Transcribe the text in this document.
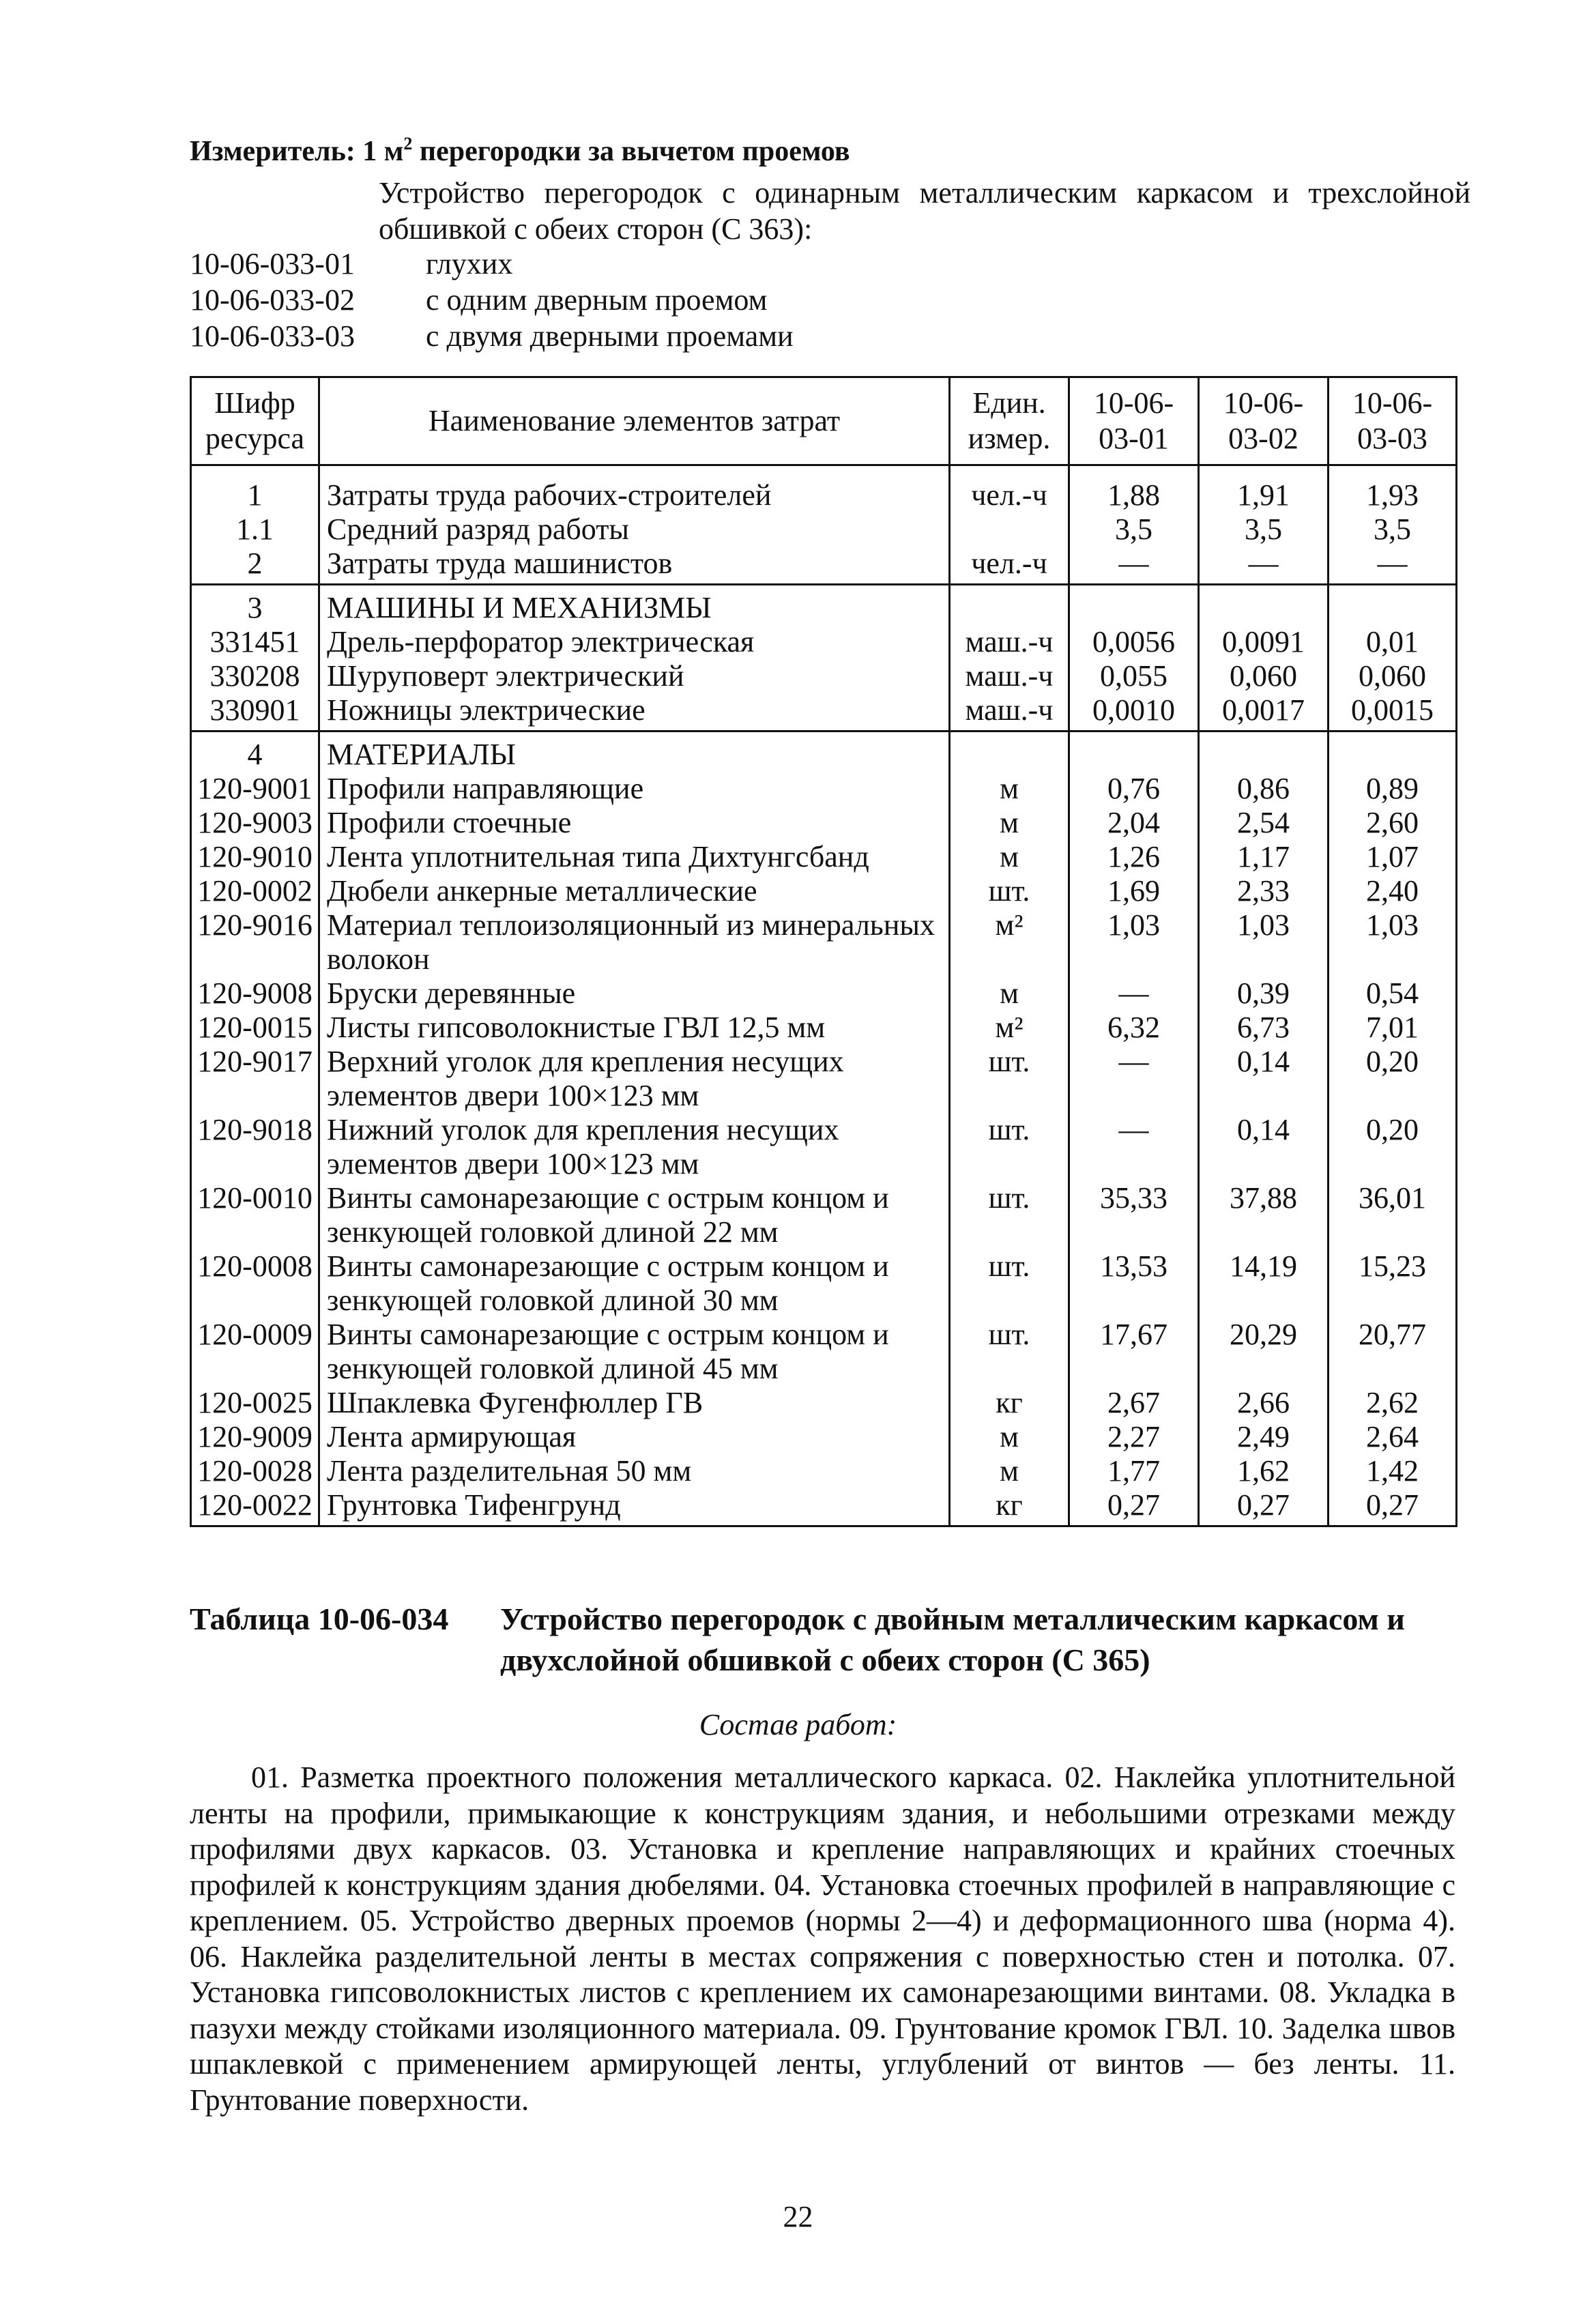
Измеритель: 1 $м^2$ перегородки за вычетом проемов
Устройство перегородок с одинарным металлическим каркасом и трехслойной обшивкой с обеих сторон (С 363):
10-06-033-01	глухих
10-06-033-02	с одним дверным проемом
10-06-033-03	с двумя дверными проемами
Шифр ресурса	Наименование элементов затрат	Един. измер.	10-06-03-01	10-06-03-02	10-06-03-03
1	Затраты труда рабочих-строителей	чел.-ч	1,88	1,91	1,93
1.1	Средний разряд работы		3,5	3,5	3,5
2	Затраты труда машинистов	чел.-ч	—	—	—
3	МАШИНЫ И МЕХАНИЗМЫ				
331451	Дрель-перфоратор электрическая	маш.-ч	0,0056	0,0091	0,01
330208	Шуруповерт электрический	маш.-ч	0,055	0,060	0,060
330901	Ножницы электрические	маш.-ч	0,0010	0,0017	0,0015
4	МАТЕРИАЛЫ				
120-9001	Профили направляющие	м	0,76	0,86	0,89
120-9003	Профили стоечные	м	2,04	2,54	2,60
120-9010	Лента уплотнительная типа Дихтунгсбанд	м	1,26	1,17	1,07
120-0002	Дюбели анкерные металлические	шт.	1,69	2,33	2,40
120-9016	Материал теплоизоляционный из минеральных волокон	м²	1,03	1,03	1,03
120-9008	Бруски деревянные	м	—	0,39	0,54
120-0015	Листы гипсоволокнистые ГВЛ 12,5 мм	м²	6,32	6,73	7,01
120-9017	Верхний уголок для крепления несущих элементов двери 100×123 мм	шт.	—	0,14	0,20
120-9018	Нижний уголок для крепления несущих элементов двери 100×123 мм	шт.	—	0,14	0,20
120-0010	Винты самонарезающие с острым концом и зенкующей головкой длиной 22 мм	шт.	35,33	37,88	36,01
120-0008	Винты самонарезающие с острым концом и зенкующей головкой длиной 30 мм	шт.	13,53	14,19	15,23
120-0009	Винты самонарезающие с острым концом и зенкующей головкой длиной 45 мм	шт.	17,67	20,29	20,77
120-0025	Шпаклевка Фугенфюллер ГВ	кг	2,67	2,66	2,62
120-9009	Лента армирующая	м	2,27	2,49	2,64
120-0028	Лента разделительная 50 мм	м	1,77	1,62	1,42
120-0022	Грунтовка Тифенгрунд	кг	0,27	0,27	0,27
Таблица 10-06-034 Устройство перегородок с двойным металлическим каркасом и двухслойной обшивкой с обеих сторон (С 365)
Состав работ:
01. Разметка проектного положения металлического каркаса. 02. Наклейка уплотнительной ленты на профили, примыкающие к конструкциям здания, и небольшими отрезками между профилями двух каркасов. 03. Установка и крепление направляющих и крайних стоечных профилей к конструкциям здания дюбелями. 04. Установка стоечных профилей в направляющие с креплением. 05. Устройство дверных проемов (нормы 2—4) и деформационного шва (норма 4). 06. Наклейка разделительной ленты в местах сопряжения с поверхностью стен и потолка. 07. Установка гипсоволокнистых листов с креплением их самонарезающими винтами. 08. Укладка в пазухи между стойками изоляционного материала. 09. Грунтование кромок ГВЛ. 10. Заделка швов шпаклевкой с применением армирующей ленты, углублений от винтов — без ленты. 11. Грунтование поверхности.
22
